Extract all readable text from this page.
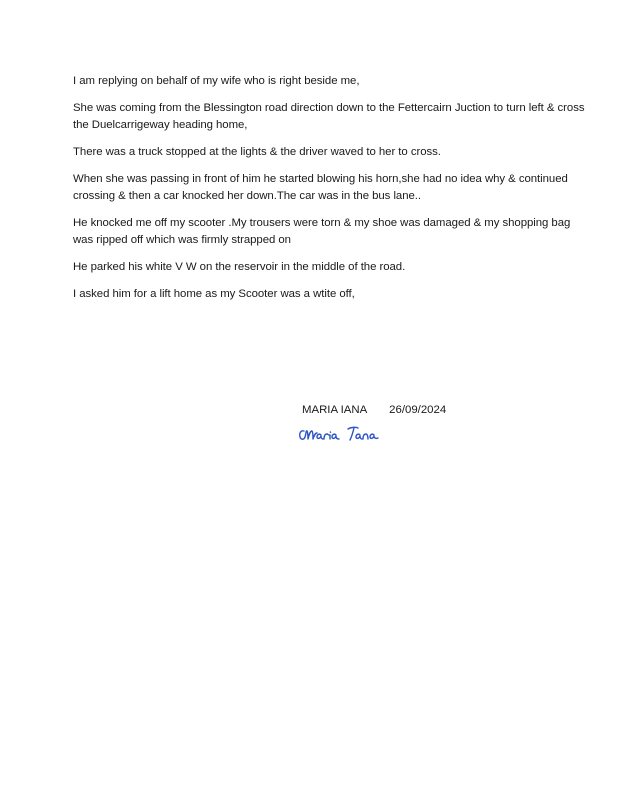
I am replying on behalf of my wife who is right beside me,

She was coming from the Blessington road direction down to the Fettercairn Juction to turn left & cross the Duelcarrigeway heading home,

There was a truck stopped at the lights & the driver waved to her to cross.

When she was passing in front of him he started blowing his horn,she had no idea why & continued crossing & then a car knocked her down.The car was in the bus lane..

He knocked me off my scooter .My trousers were torn & my shoe was damaged & my shopping bag was ripped off which was firmly strapped on

He parked his white V W on the reservoir in the middle of the road.

I asked him for a lift home as my Scooter was a wtite off,

MARIA IANA 26/09/2024
